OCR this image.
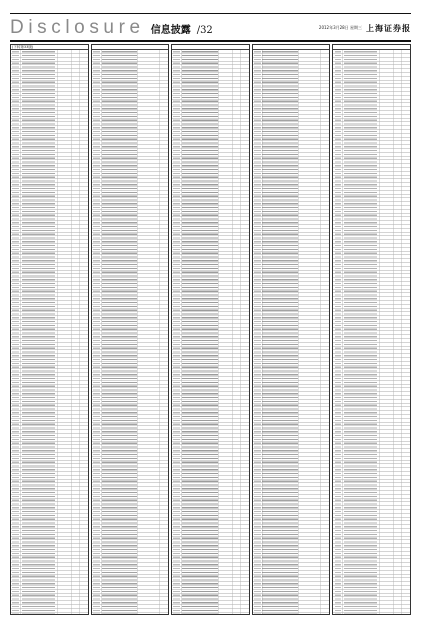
Disclosure 信息披露 /32	2012年3月28日 星期三 上海证券报
(下转第33版)
